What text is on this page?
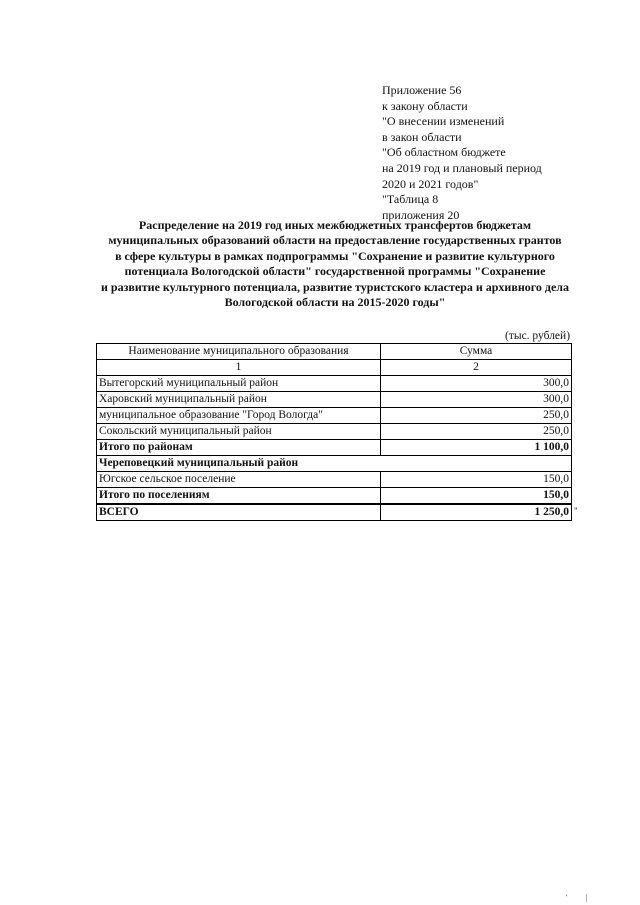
Приложение 56
к закону области
"О внесении изменений
в закон области
"Об областном бюджете
на 2019 год и плановый период
2020 и 2021 годов"
"Таблица 8
приложения 20
Распределение на 2019 год иных межбюджетных трансфертов бюджетам
муниципальных образований области на предоставление государственных грантов
в сфере культуры в рамках подпрограммы "Сохранение и развитие культурного
потенциала Вологодской области" государственной программы "Сохранение
и развитие культурного потенциала, развитие туристского кластера и архивного дела
Вологодской области на 2015-2020 годы"
(тыс. рублей)
Наименование муниципального образования	Сумма
1	2
Вытегорский муниципальный район	300,0
Харовский муниципальный район	300,0
муниципальное образование "Город Вологда"	250,0
Сокольский муниципальный район	250,0
Итого по районам	1 100,0
Череповецкий муниципальный район	
Югское сельское поселение	150,0
Итого по поселениям	150,0
ВСЕГО	1 250,0 "
' |
